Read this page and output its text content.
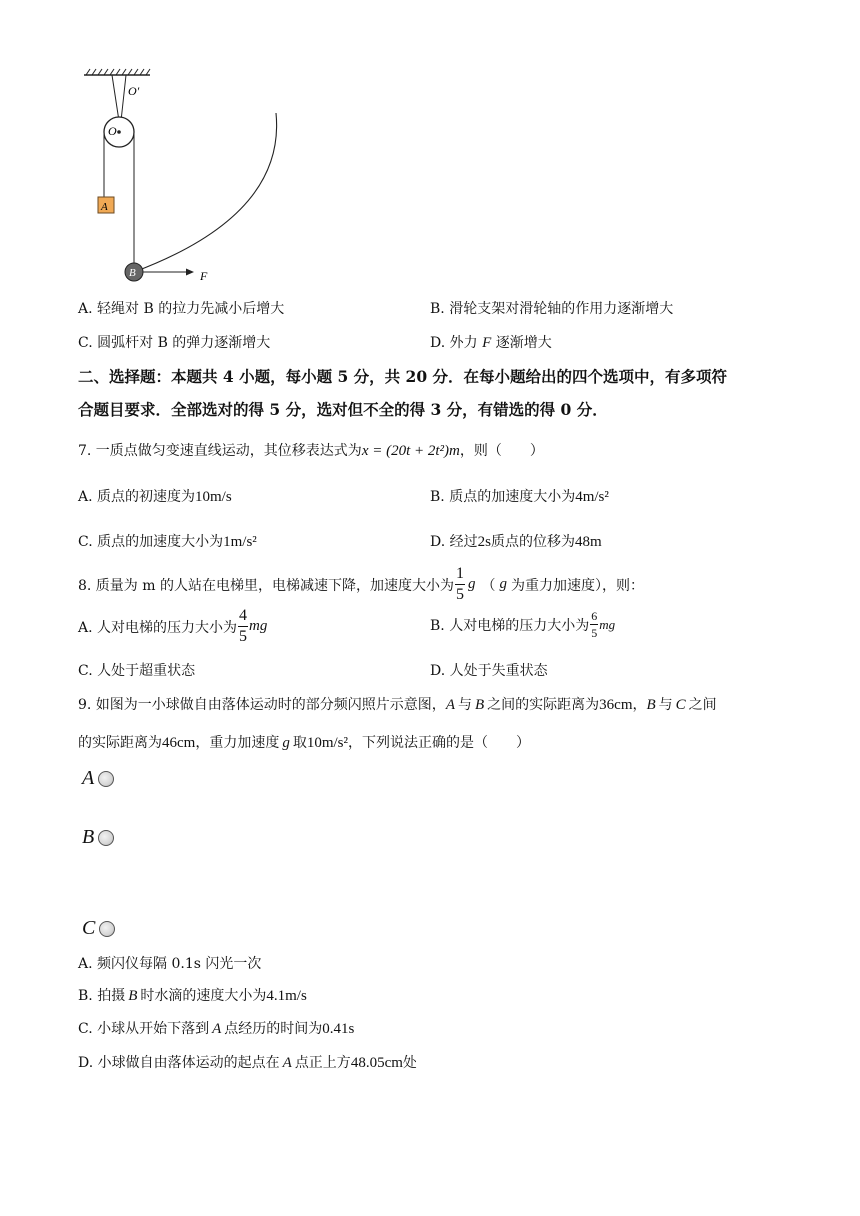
O′
O
A
B	F
A. 轻绳对 B 的拉力先减小后增大	B. 滑轮支架对滑轮轴的作用力逐渐增大
C. 圆弧杆对 B 的弹力逐渐增大	D. 外力 F 逐渐增大
二、选择题：本题共 4 小题，每小题 5 分，共 20 分．在每小题给出的四个选项中，有多项符
合题目要求．全部选对的得 5 分，选对但不全的得 3 分，有错选的得 0 分．
7. 一质点做匀变速直线运动，其位移表达式为x = (20t + 2t²)m，则（　　）
A. 质点的初速度为10m/s	B. 质点的加速度大小为4m/s²
C. 质点的加速度大小为1m/s²	D. 经过2s质点的位移为48m
8. 质量为 m 的人站在电梯里，电梯减速下降，加速度大小为 $\frac{1}{5}$ g （ g 为重力加速度），则：
A. 人对电梯的压力大小为 $\frac{4}{5}$ mg	B. 人对电梯的压力大小为 $\frac{6}{5}$ mg
C. 人处于超重状态	D. 人处于失重状态
9. 如图为一小球做自由落体运动时的部分频闪照片示意图，A 与 B 之间的实际距离为36cm，B 与 C 之间
的实际距离为46cm，重力加速度 g 取10m/s²，下列说法正确的是（　　）
A
B
C
A. 频闪仪每隔 0.1s 闪光一次
B. 拍摄 B 时水滴的速度大小为4.1m/s
C. 小球从开始下落到 A 点经历的时间为0.41s
D. 小球做自由落体运动的起点在 A 点正上方48.05cm处
